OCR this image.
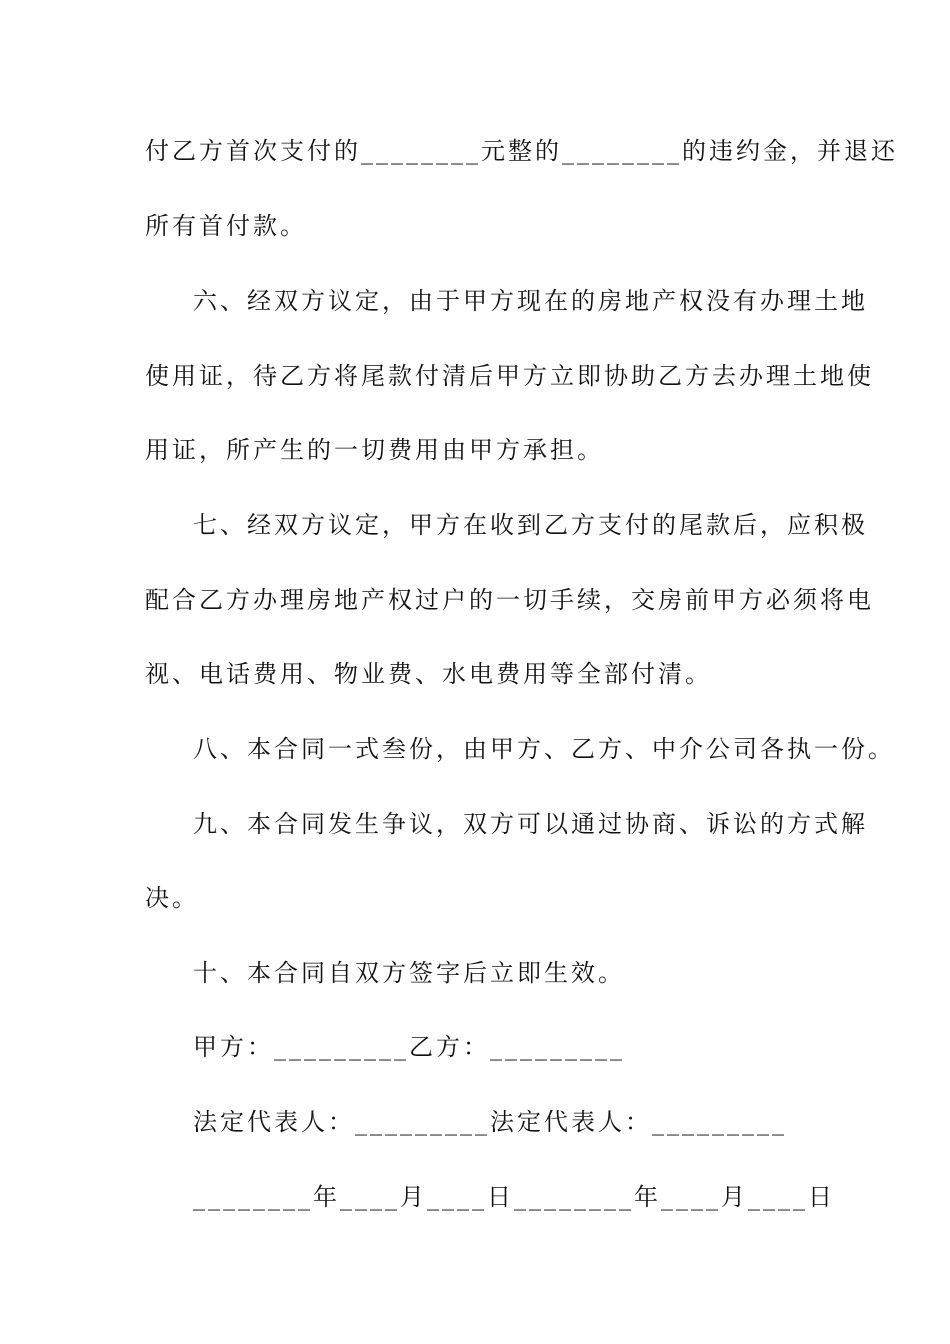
付乙方首次支付的________元整的________的违约金，并退还
所有首付款。
六、经双方议定，由于甲方现在的房地产权没有办理土地
使用证，待乙方将尾款付清后甲方立即协助乙方去办理土地使
用证，所产生的一切费用由甲方承担。
七、经双方议定，甲方在收到乙方支付的尾款后，应积极
配合乙方办理房地产权过户的一切手续，交房前甲方必须将电
视、电话费用、物业费、水电费用等全部付清。
八、本合同一式叁份，由甲方、乙方、中介公司各执一份。
九、本合同发生争议，双方可以通过协商、诉讼的方式解
决。
十、本合同自双方签字后立即生效。
甲方：_________乙方：_________
法定代表人：_________法定代表人：_________
________年____月____日________年____月____日
